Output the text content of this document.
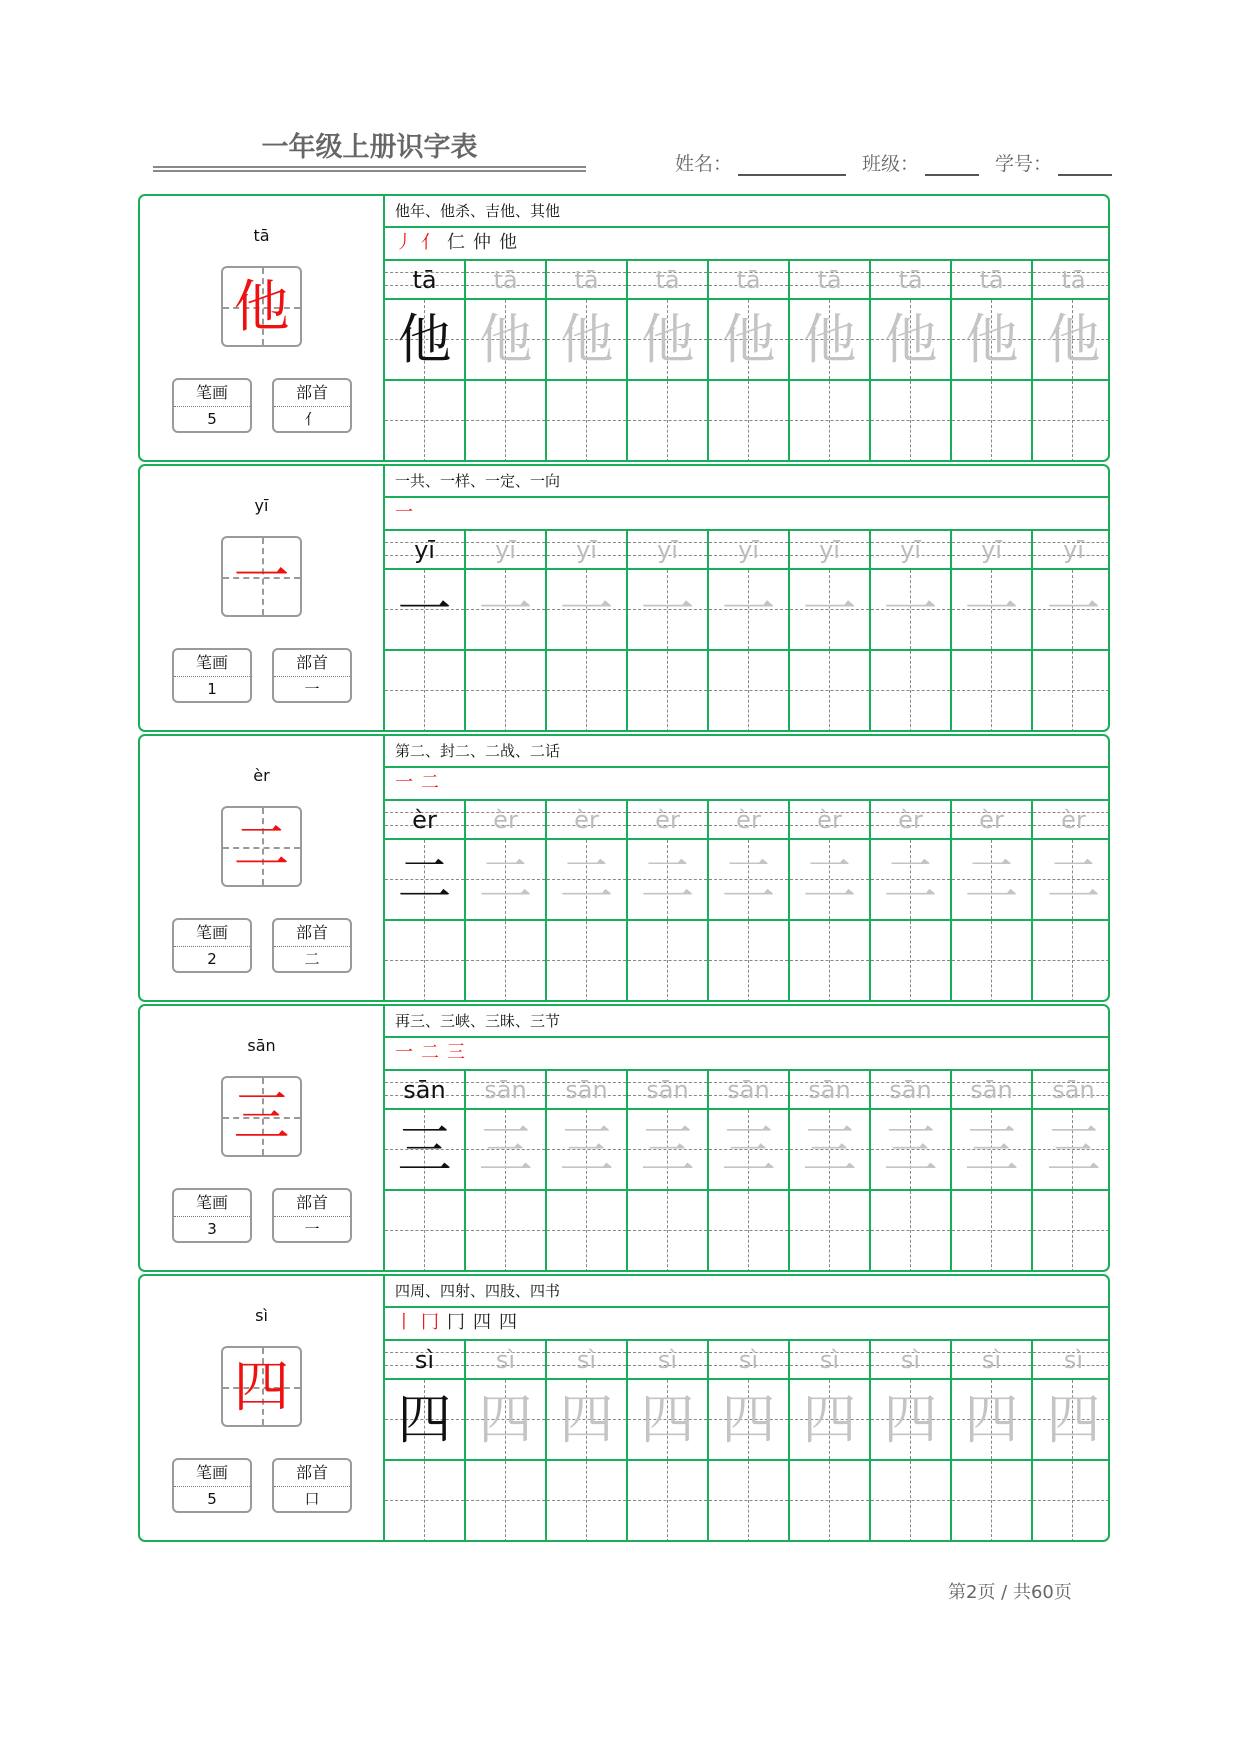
一年级上册识字表
姓名：	班级：	学号：
tā
他
笔画
5
部首
亻
他年、他杀、吉他、其他
丿 亻 仁 仲 他
tā
他
tā
他
tā
他
tā
他
tā
他
tā
他
tā
他
tā
他
tā
他
yī
一
笔画
1
部首
一
一共、一样、一定、一向
一
yī
一
yī
一
yī
一
yī
一
yī
一
yī
一
yī
一
yī
一
yī
一
èr
二
笔画
2
部首
二
第二、封二、二战、二话
一 二
èr
二
èr
二
èr
二
èr
二
èr
二
èr
二
èr
二
èr
二
èr
二
sān
三
笔画
3
部首
一
再三、三峡、三昧、三节
一 二 三
sān
三
sān
三
sān
三
sān
三
sān
三
sān
三
sān
三
sān
三
sān
三
sì
四
笔画
5
部首
口
四周、四射、四肢、四书
丨 冂 冂 四 四
sì
四
sì
四
sì
四
sì
四
sì
四
sì
四
sì
四
sì
四
sì
四
第2页 / 共60页
